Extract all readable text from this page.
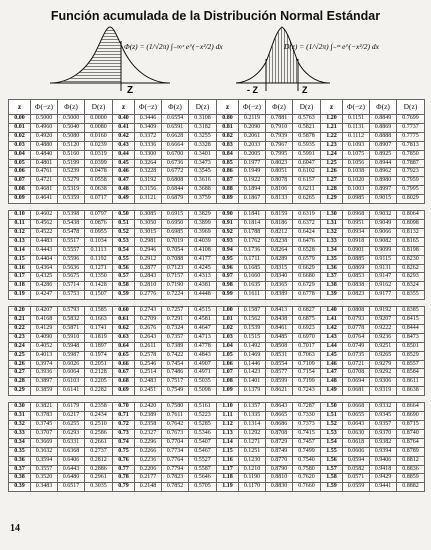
Función acumulada de la Distribución Normal Estándar
Z
Φ(z) = (1/√2π) ∫₋∞ᶻ e^(−x²/2) dx
- Z	Z
D(z) = (1/√2π) ∫₋ᶻᶻ e^(−x²/2) dx
z	Φ(−z)	Φ(z)	D(z)	z	Φ(−z)	Φ(z)	D(z)	z	Φ(−z)	Φ(z)	D(z)	z	Φ(−z)	Φ(z)	D(z)
0.00	0.5000	0.5000	0.0000	0.40	0.3446	0.6554	0.3108	0.80	0.2119	0.7881	0.5763	1.20	0.1151	0.8849	0.7699
0.01	0.4960	0.5040	0.0080	0.41	0.3409	0.6591	0.3182	0.81	0.2090	0.7910	0.5821	1.21	0.1131	0.8869	0.7737
0.02	0.4920	0.5080	0.0160	0.42	0.3372	0.6628	0.3255	0.82	0.2061	0.7939	0.5878	1.22	0.1112	0.8888	0.7775
0.03	0.4880	0.5120	0.0239	0.43	0.3336	0.6664	0.3328	0.83	0.2033	0.7967	0.5935	1.23	0.1093	0.8907	0.7813
0.04	0.4840	0.5160	0.0319	0.44	0.3300	0.6700	0.3401	0.84	0.2005	0.7995	0.5991	1.24	0.1075	0.8925	0.7850
0.05	0.4801	0.5199	0.0399	0.45	0.3264	0.6736	0.3473	0.85	0.1977	0.8023	0.6047	1.25	0.1056	0.8944	0.7887
0.06	0.4761	0.5239	0.0478	0.46	0.3228	0.6772	0.3545	0.86	0.1949	0.8051	0.6102	1.26	0.1038	0.8962	0.7923
0.07	0.4721	0.5279	0.0558	0.47	0.3192	0.6808	0.3616	0.87	0.1922	0.8078	0.6157	1.27	0.1020	0.8980	0.7959
0.08	0.4681	0.5319	0.0638	0.48	0.3156	0.6844	0.3688	0.88	0.1894	0.8106	0.6211	1.28	0.1003	0.8997	0.7995
0.09	0.4641	0.5359	0.0717	0.49	0.3121	0.6879	0.3759	0.89	0.1867	0.8133	0.6265	1.29	0.0985	0.9015	0.8029

0.10	0.4602	0.5398	0.0797	0.50	0.3085	0.6915	0.3829	0.90	0.1841	0.8159	0.6319	1.30	0.0968	0.9032	0.8064
0.11	0.4562	0.5438	0.0876	0.51	0.3050	0.6950	0.3899	0.91	0.1814	0.8186	0.6372	1.31	0.0951	0.9049	0.8098
0.12	0.4522	0.5478	0.0955	0.52	0.3015	0.6985	0.3969	0.92	0.1788	0.8212	0.6424	1.32	0.0934	0.9066	0.8132
0.13	0.4483	0.5517	0.1034	0.53	0.2981	0.7019	0.4039	0.93	0.1762	0.8238	0.6476	1.33	0.0918	0.9082	0.8165
0.14	0.4443	0.5557	0.1113	0.54	0.2946	0.7054	0.4108	0.94	0.1736	0.8264	0.6528	1.34	0.0901	0.9099	0.8198
0.15	0.4404	0.5596	0.1192	0.55	0.2912	0.7088	0.4177	0.95	0.1711	0.8289	0.6579	1.35	0.0885	0.9115	0.8230
0.16	0.4364	0.5636	0.1271	0.56	0.2877	0.7123	0.4245	0.96	0.1685	0.8315	0.6629	1.36	0.0869	0.9131	0.8262
0.17	0.4325	0.5675	0.1350	0.57	0.2843	0.7157	0.4313	0.97	0.1660	0.8340	0.6680	1.37	0.0853	0.9147	0.8293
0.18	0.4286	0.5714	0.1428	0.58	0.2810	0.7190	0.4381	0.98	0.1635	0.8365	0.6729	1.38	0.0838	0.9162	0.8324
0.19	0.4247	0.5753	0.1507	0.59	0.2776	0.7224	0.4448	0.99	0.1611	0.8389	0.6778	1.39	0.0823	0.9177	0.8355

0.20	0.4207	0.5793	0.1585	0.60	0.2743	0.7257	0.4515	1.00	0.1587	0.8413	0.6827	1.40	0.0808	0.9192	0.8385
0.21	0.4168	0.5832	0.1663	0.61	0.2709	0.7291	0.4581	1.01	0.1562	0.8438	0.6875	1.41	0.0793	0.9207	0.8415
0.22	0.4129	0.5871	0.1741	0.62	0.2676	0.7324	0.4647	1.02	0.1539	0.8461	0.6923	1.42	0.0778	0.9222	0.8444
0.23	0.4090	0.5910	0.1819	0.63	0.2643	0.7357	0.4713	1.03	0.1515	0.8485	0.6970	1.43	0.0764	0.9236	0.8473
0.24	0.4052	0.5948	0.1897	0.64	0.2611	0.7389	0.4778	1.04	0.1492	0.8508	0.7017	1.44	0.0749	0.9251	0.8501
0.25	0.4013	0.5987	0.1974	0.65	0.2578	0.7422	0.4843	1.05	0.1469	0.8531	0.7063	1.45	0.0735	0.9265	0.8529
0.26	0.3974	0.6026	0.2051	0.66	0.2546	0.7454	0.4907	1.06	0.1446	0.8554	0.7109	1.46	0.0721	0.9279	0.8557
0.27	0.3936	0.6064	0.2128	0.67	0.2514	0.7486	0.4971	1.07	0.1423	0.8577	0.7154	1.47	0.0708	0.9292	0.8584
0.28	0.3897	0.6103	0.2205	0.68	0.2483	0.7517	0.5035	1.08	0.1401	0.8599	0.7199	1.48	0.0694	0.9306	0.8611
0.29	0.3859	0.6141	0.2282	0.69	0.2451	0.7549	0.5098	1.09	0.1379	0.8621	0.7243	1.49	0.0681	0.9319	0.8638

0.30	0.3821	0.6179	0.2358	0.70	0.2420	0.7580	0.5161	1.10	0.1357	0.8643	0.7287	1.50	0.0668	0.9332	0.8664
0.31	0.3783	0.6217	0.2434	0.71	0.2389	0.7611	0.5223	1.11	0.1335	0.8665	0.7330	1.51	0.0655	0.9345	0.8690
0.32	0.3745	0.6255	0.2510	0.72	0.2358	0.7642	0.5285	1.12	0.1314	0.8686	0.7373	1.52	0.0643	0.9357	0.8715
0.33	0.3707	0.6293	0.2586	0.73	0.2327	0.7673	0.5346	1.13	0.1292	0.8708	0.7415	1.53	0.0630	0.9370	0.8740
0.34	0.3669	0.6331	0.2661	0.74	0.2296	0.7704	0.5407	1.14	0.1271	0.8729	0.7457	1.54	0.0618	0.9382	0.8764
0.35	0.3632	0.6368	0.2737	0.75	0.2266	0.7734	0.5467	1.15	0.1251	0.8749	0.7499	1.55	0.0606	0.9394	0.8789
0.36	0.3594	0.6406	0.2812	0.76	0.2236	0.7764	0.5527	1.16	0.1230	0.8770	0.7540	1.56	0.0594	0.9406	0.8812
0.37	0.3557	0.6443	0.2886	0.77	0.2206	0.7794	0.5587	1.17	0.1210	0.8790	0.7580	1.57	0.0582	0.9418	0.8836
0.38	0.3520	0.6480	0.2961	0.78	0.2177	0.7823	0.5646	1.18	0.1190	0.8810	0.7620	1.58	0.0571	0.9429	0.8859
0.39	0.3483	0.6517	0.3035	0.79	0.2148	0.7852	0.5705	1.19	0.1170	0.8830	0.7660	1.59	0.0559	0.9441	0.8882
14
